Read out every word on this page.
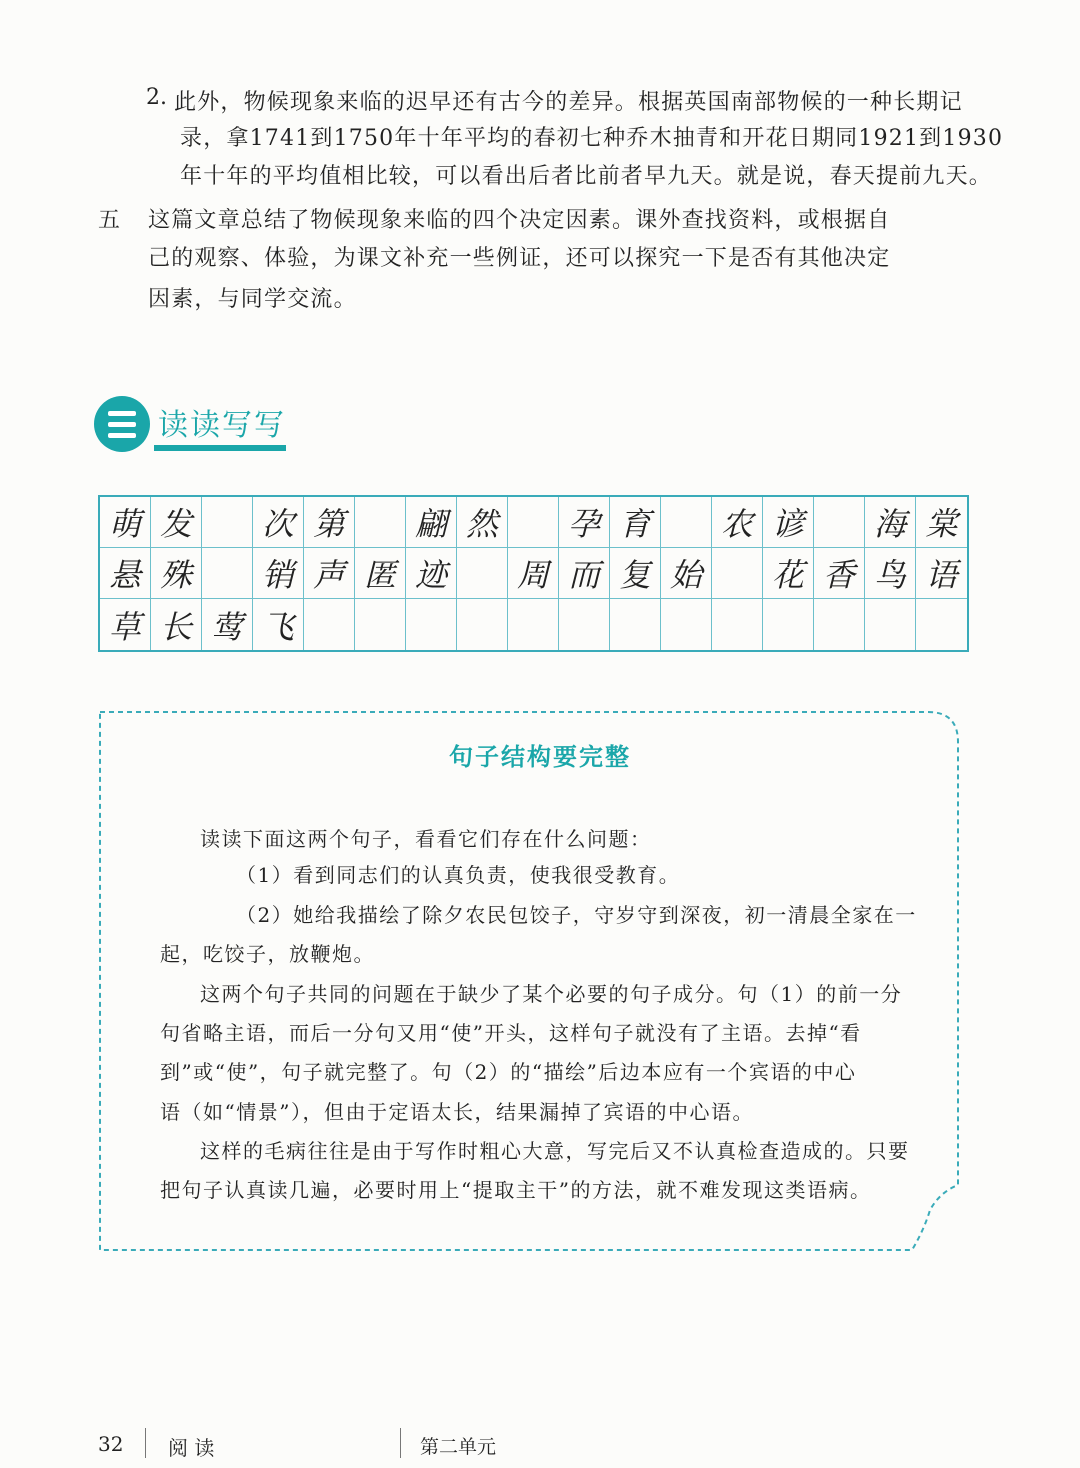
2. 此外，物候现象来临的迟早还有古今的差异。根据英国南部物候的一种长期记
录，拿1741到1750年十年平均的春初七种乔木抽青和开花日期同1921到1930
年十年的平均值相比较，可以看出后者比前者早九天。就是说，春天提前九天。
五 这篇文章总结了物候现象来临的四个决定因素。课外查找资料，或根据自
己的观察、体验，为课文补充一些例证，还可以探究一下是否有其他决定
因素，与同学交流。
读读写写
萌 发	次 第	翩 然	孕 育	农 谚	海 棠
悬 殊	销 声 匿 迹	周 而 复 始	花 香 鸟 语
草 长 莺 飞
句子结构要完整
读读下面这两个句子，看看它们存在什么问题：
（1）看到同志们的认真负责，使我很受教育。
（2）她给我描绘了除夕农民包饺子，守岁守到深夜，初一清晨全家在一
起，吃饺子，放鞭炮。
这两个句子共同的问题在于缺少了某个必要的句子成分。句（1）的前一分
句省略主语，而后一分句又用“使”开头，这样句子就没有了主语。去掉“看
到”或“使”，句子就完整了。句（2）的“描绘”后边本应有一个宾语的中心
语（如“情景”），但由于定语太长，结果漏掉了宾语的中心语。
这样的毛病往往是由于写作时粗心大意，写完后又不认真检查造成的。只要
把句子认真读几遍，必要时用上“提取主干”的方法，就不难发现这类语病。
32 阅 读	第二单元
